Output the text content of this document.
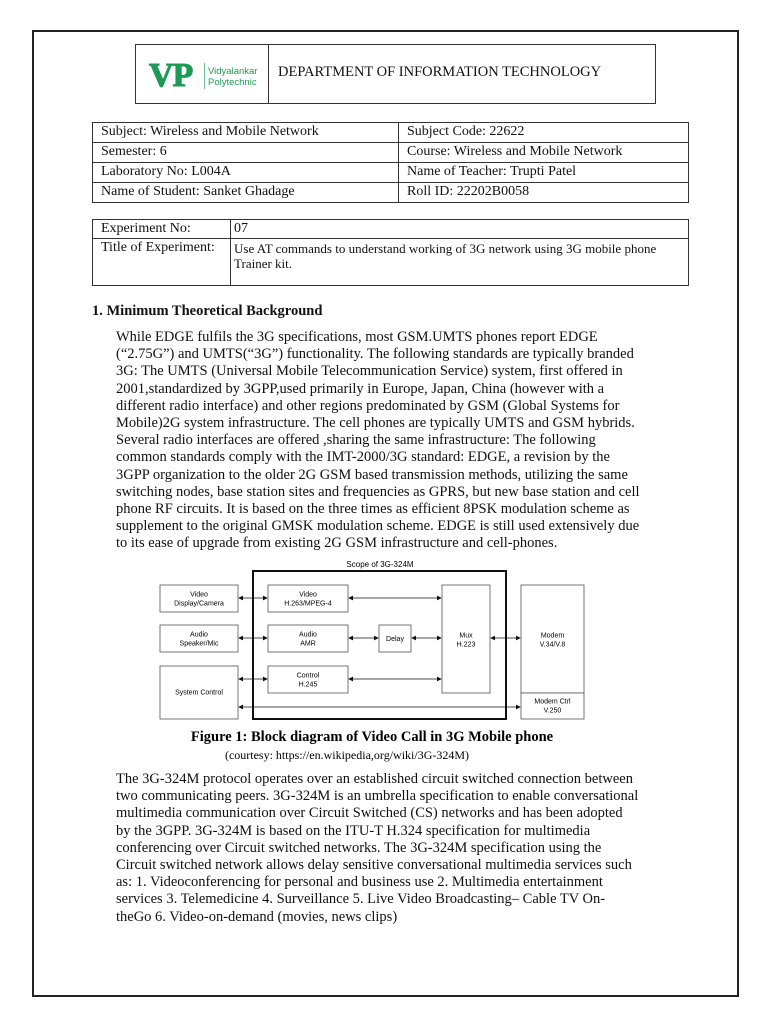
VP Vidyalankar
Polytechnic
DEPARTMENT OF INFORMATION TECHNOLOGY
Subject: Wireless and Mobile Network	Subject Code: 22622
Semester: 6	Course: Wireless and Mobile Network
Laboratory No: L004A	Name of Teacher: Trupti Patel
Name of Student: Sanket Ghadage	Roll ID: 22202B0058
Experiment No:	07
Title of Experiment:	Use AT commands to understand working of 3G network using 3G mobile phone Trainer kit.
1. Minimum Theoretical Background
While EDGE fulfils the 3G specifications, most GSM.UMTS phones report EDGE
(“2.75G”) and UMTS(“3G”) functionality. The following standards are typically branded
3G: The UMTS (Universal Mobile Telecommunication Service) system, first offered in
2001,standardized by 3GPP,used primarily in Europe, Japan, China (however with a
different radio interface) and other regions predominated by GSM (Global Systems for
Mobile)2G system infrastructure. The cell phones are typically UMTS and GSM hybrids.
Several radio interfaces are offered ,sharing the same infrastructure: The following
common standards comply with the IMT-2000/3G standard: EDGE, a revision by the
3GPP organization to the older 2G GSM based transmission methods, utilizing the same
switching nodes, base station sites and frequencies as GPRS, but new base station and cell
phone RF circuits. It is based on the three times as efficient 8PSK modulation scheme as
supplement to the original GMSK modulation scheme. EDGE is still used extensively due
to its ease of upgrade from existing 2G GSM infrastructure and cell-phones.
Scope of 3G-324M
Video
Display/Camera
Audio
Speaker/Mic
System Control
Video
H.263/MPEG-4
Audio
AMR
Control
H.245
Delay	Mux
H.223
Modem
V.34/V.8
Modem Ctrl
V.250
Figure 1: Block diagram of Video Call in 3G Mobile phone
(courtesy: https://en.wikipedia,org/wiki/3G-324M)
The 3G-324M protocol operates over an established circuit switched connection between
two communicating peers. 3G-324M is an umbrella specification to enable conversational
multimedia communication over Circuit Switched (CS) networks and has been adopted
by the 3GPP. 3G-324M is based on the ITU-T H.324 specification for multimedia
conferencing over Circuit switched networks. The 3G-324M specification using the
Circuit switched network allows delay sensitive conversational multimedia services such
as: 1. Videoconferencing for personal and business use 2. Multimedia entertainment
services 3. Telemedicine 4. Surveillance 5. Live Video Broadcasting– Cable TV On-
theGo 6. Video-on-demand (movies, news clips)
